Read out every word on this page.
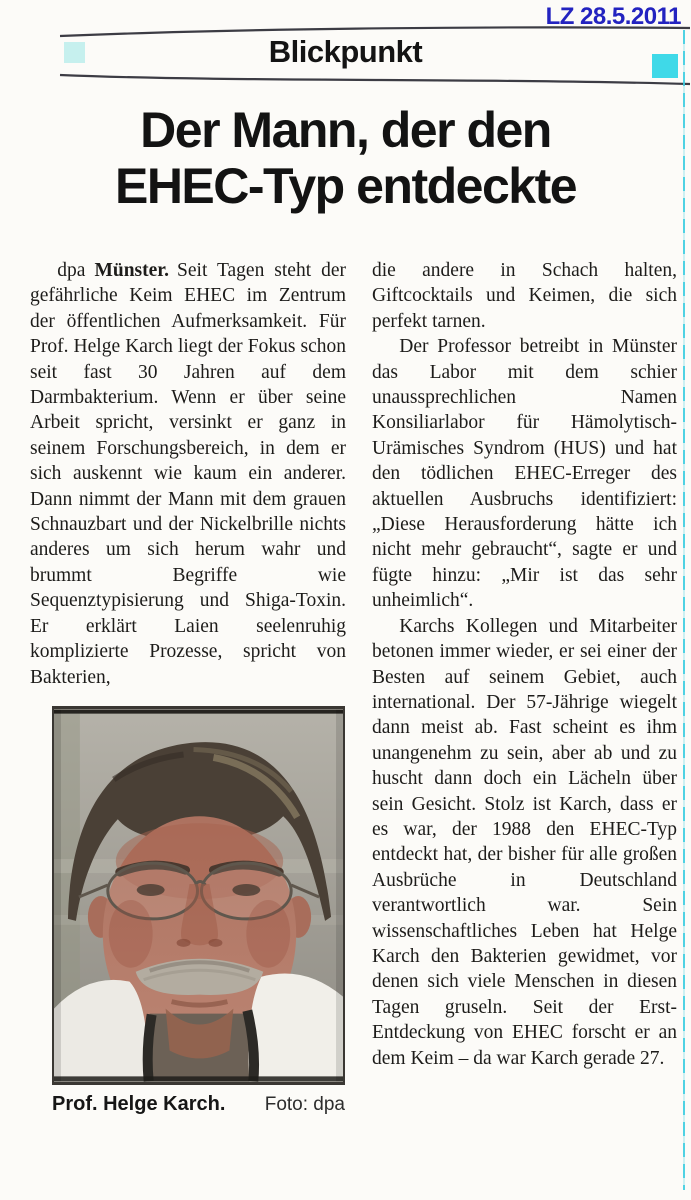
LZ 28.5.2011
Blickpunkt
Der Mann, der den
EHEC-Typ entdeckte

dpa Münster. Seit Tagen steht der gefährliche Keim EHEC im Zentrum der öffentlichen Aufmerksamkeit. Für Prof. Helge Karch liegt der Fokus schon seit fast 30 Jahren auf dem Darmbakterium. Wenn er über seine Arbeit spricht, versinkt er ganz in seinem Forschungsbereich, in dem er sich auskennt wie kaum ein anderer. Dann nimmt der Mann mit dem grauen Schnauzbart und der Nickelbrille nichts anderes um sich herum wahr und brummt Begriffe wie Sequenztypisierung und Shiga-Toxin. Er erklärt Laien seelenruhig komplizierte Prozesse, spricht von Bakterien,

Prof. Helge Karch. Foto: dpa

die andere in Schach halten, Giftcocktails und Keimen, die sich perfekt tarnen.

Der Professor betreibt in Münster das Labor mit dem schier unaussprechlichen Namen Konsiliarlabor für Hämolytisch-Urämisches Syndrom (HUS) und hat den tödlichen EHEC-Erreger des aktuellen Ausbruchs identifiziert: „Diese Herausforderung hätte ich nicht mehr gebraucht“, sagte er und fügte hinzu: „Mir ist das sehr unheimlich“.

Karchs Kollegen und Mitarbeiter betonen immer wieder, er sei einer der Besten auf seinem Gebiet, auch international. Der 57-Jährige wiegelt dann meist ab. Fast scheint es ihm unangenehm zu sein, aber ab und zu huscht dann doch ein Lächeln über sein Gesicht. Stolz ist Karch, dass er es war, der 1988 den EHEC-Typ entdeckt hat, der bisher für alle großen Ausbrüche in Deutschland verantwortlich war. Sein wissenschaftliches Leben hat Helge Karch den Bakterien gewidmet, vor denen sich viele Menschen in diesen Tagen gruseln. Seit der Erst-Entdeckung von EHEC forscht er an dem Keim – da war Karch gerade 27.
